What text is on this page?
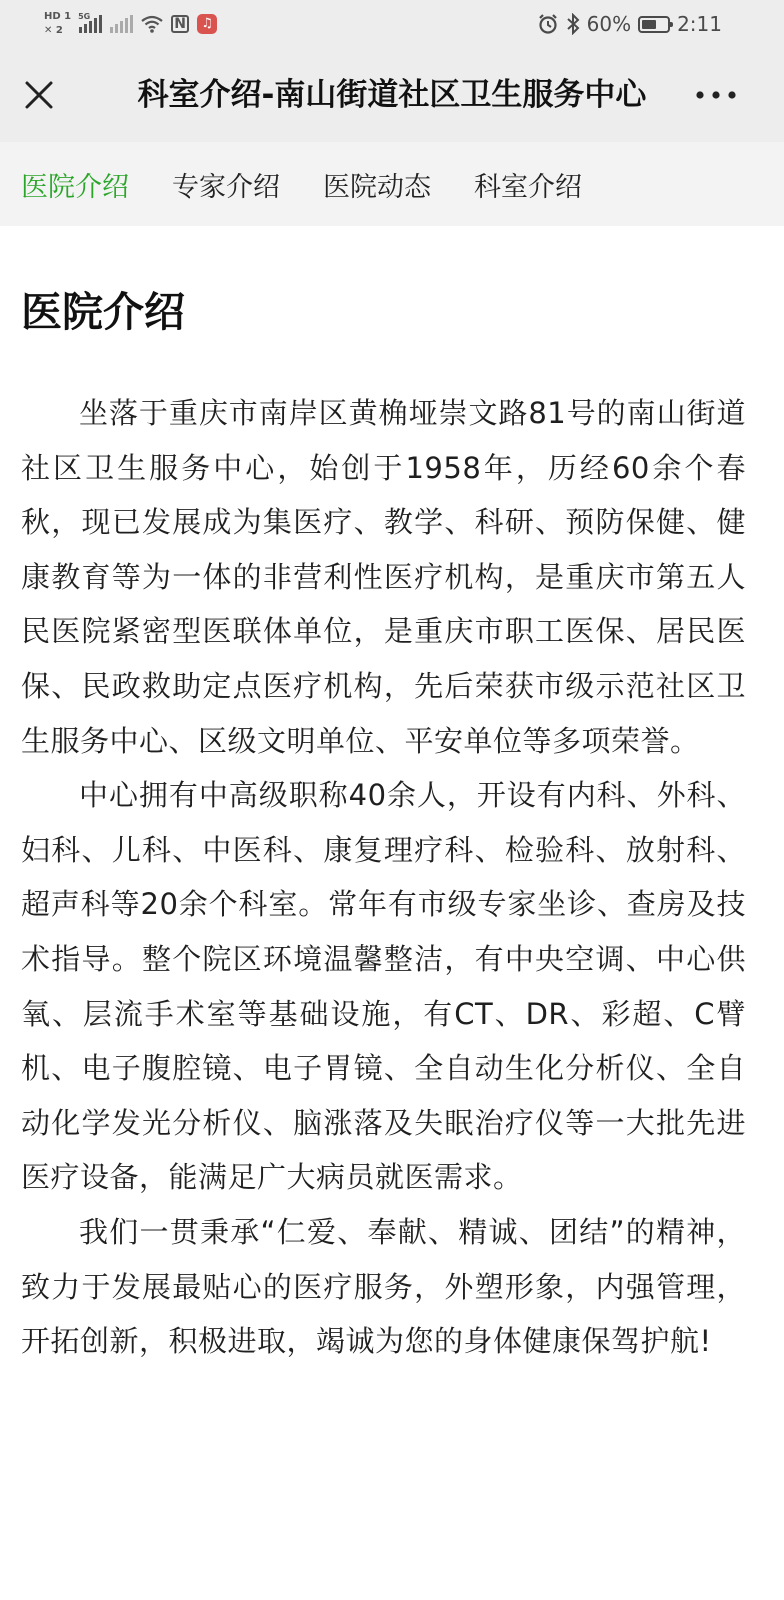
HD 1
✕ 2
5G	N	♫	60% 2:11
科室介绍-南山街道社区卫生服务中心
医院介绍 专家介绍 医院动态 科室介绍
医院介绍

坐落于重庆市南岸区黄桷垭崇文路81号的南山街道社区卫生服务中心，始创于1958年，历经60余个春秋，现已发展成为集医疗、教学、科研、预防保健、健康教育等为一体的非营利性医疗机构，是重庆市第五人民医院紧密型医联体单位，是重庆市职工医保、居民医保、民政救助定点医疗机构，先后荣获市级示范社区卫生服务中心、区级文明单位、平安单位等多项荣誉。

中心拥有中高级职称40余人，开设有内科、外科、妇科、儿科、中医科、康复理疗科、检验科、放射科、超声科等20余个科室。常年有市级专家坐诊、查房及技术指导。整个院区环境温馨整洁，有中央空调、中心供氧、层流手术室等基础设施，有CT、DR、彩超、C臂机、电子腹腔镜、电子胃镜、全自动生化分析仪、全自动化学发光分析仪、脑涨落及失眠治疗仪等一大批先进医疗设备，能满足广大病员就医需求。

我们一贯秉承“仁爱、奉献、精诚、团结”的精神，致力于发展最贴心的医疗服务，外塑形象，内强管理，开拓创新，积极进取，竭诚为您的身体健康保驾护航!
